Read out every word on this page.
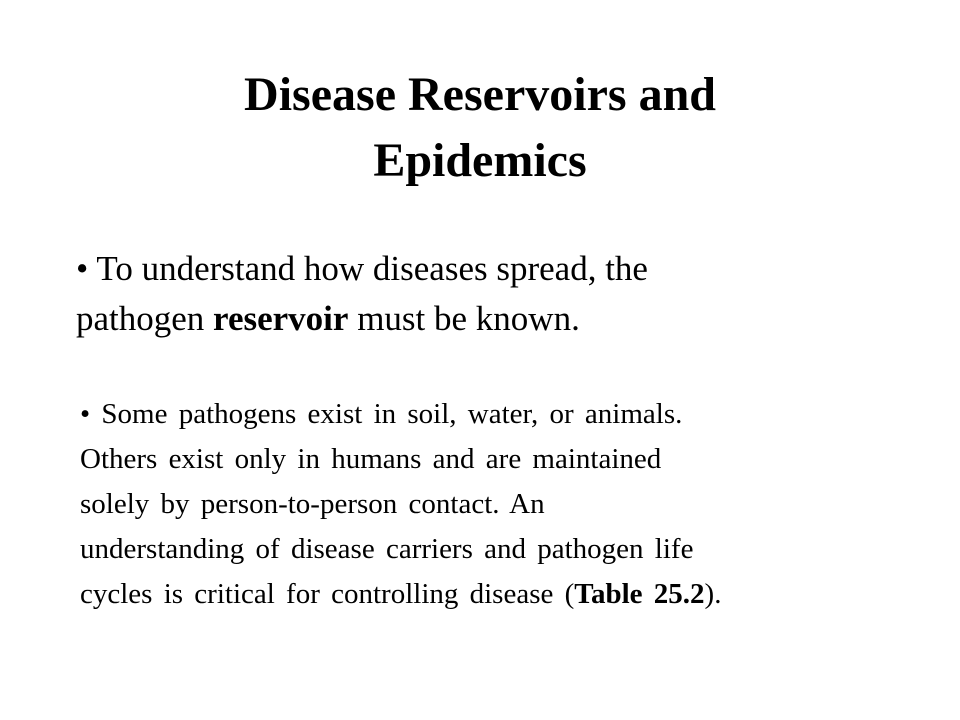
Disease Reservoirs and
Epidemics
• To understand how diseases spread, the
pathogen reservoir must be known.
• Some pathogens exist in soil, water, or animals.
Others exist only in humans and are maintained
solely by person-to-person contact. An
understanding of disease carriers and pathogen life
cycles is critical for controlling disease (Table 25.2).
